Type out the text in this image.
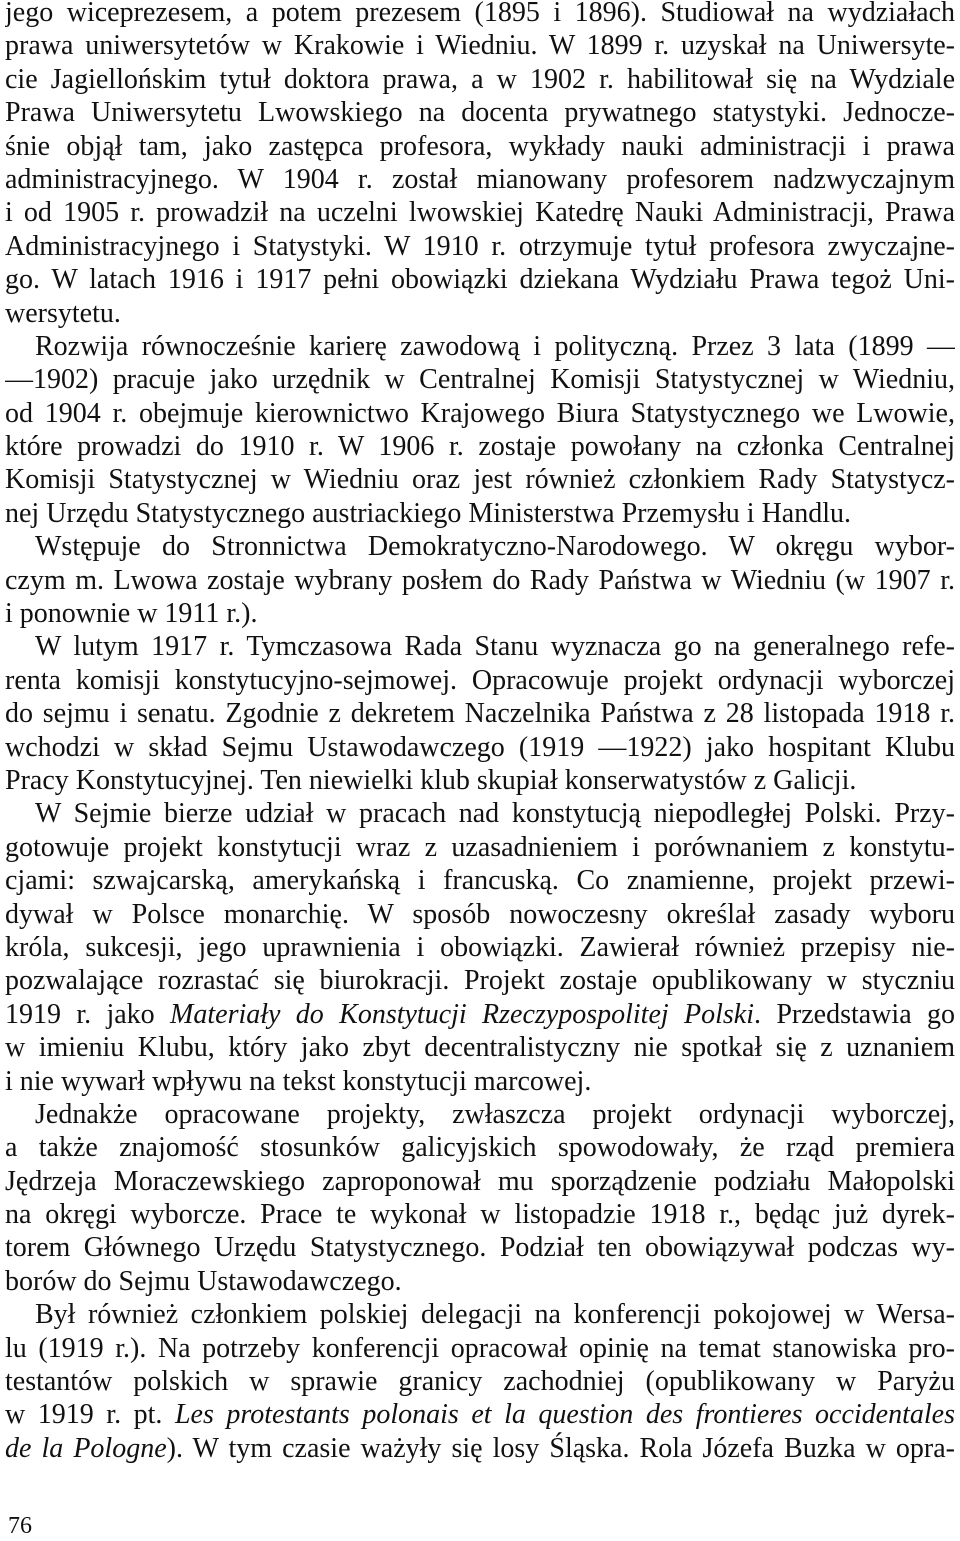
jego wiceprezesem, a potem prezesem (1895 i 1896). Studiował na wydziałach
prawa uniwersytetów w Krakowie i Wiedniu. W 1899 r. uzyskał na Uniwersyte-
cie Jagiellońskim tytuł doktora prawa, a w 1902 r. habilitował się na Wydziale
Prawa Uniwersytetu Lwowskiego na docenta prywatnego statystyki. Jednocze-
śnie objął tam, jako zastępca profesora, wykłady nauki administracji i prawa
administracyjnego. W 1904 r. został mianowany profesorem nadzwyczajnym
i od 1905 r. prowadził na uczelni lwowskiej Katedrę Nauki Administracji, Prawa
Administracyjnego i Statystyki. W 1910 r. otrzymuje tytuł profesora zwyczajne-
go. W latach 1916 i 1917 pełni obowiązki dziekana Wydziału Prawa tegoż Uni-
wersytetu.
Rozwija równocześnie karierę zawodową i polityczną. Przez 3 lata (1899 —
—1902) pracuje jako urzędnik w Centralnej Komisji Statystycznej w Wiedniu,
od 1904 r. obejmuje kierownictwo Krajowego Biura Statystycznego we Lwowie,
które prowadzi do 1910 r. W 1906 r. zostaje powołany na członka Centralnej
Komisji Statystycznej w Wiedniu oraz jest również członkiem Rady Statystycz-
nej Urzędu Statystycznego austriackiego Ministerstwa Przemysłu i Handlu.
Wstępuje do Stronnictwa Demokratyczno-Narodowego. W okręgu wybor-
czym m. Lwowa zostaje wybrany posłem do Rady Państwa w Wiedniu (w 1907 r.
i ponownie w 1911 r.).
W lutym 1917 r. Tymczasowa Rada Stanu wyznacza go na generalnego refe-
renta komisji konstytucyjno-sejmowej. Opracowuje projekt ordynacji wyborczej
do sejmu i senatu. Zgodnie z dekretem Naczelnika Państwa z 28 listopada 1918 r.
wchodzi w skład Sejmu Ustawodawczego (1919 —1922) jako hospitant Klubu
Pracy Konstytucyjnej. Ten niewielki klub skupiał konserwatystów z Galicji.
W Sejmie bierze udział w pracach nad konstytucją niepodległej Polski. Przy-
gotowuje projekt konstytucji wraz z uzasadnieniem i porównaniem z konstytu-
cjami: szwajcarską, amerykańską i francuską. Co znamienne, projekt przewi-
dywał w Polsce monarchię. W sposób nowoczesny określał zasady wyboru
króla, sukcesji, jego uprawnienia i obowiązki. Zawierał również przepisy nie-
pozwalające rozrastać się biurokracji. Projekt zostaje opublikowany w styczniu
1919 r. jako Materiały do Konstytucji Rzeczypospolitej Polski. Przedstawia go
w imieniu Klubu, który jako zbyt decentralistyczny nie spotkał się z uznaniem
i nie wywarł wpływu na tekst konstytucji marcowej.
Jednakże opracowane projekty, zwłaszcza projekt ordynacji wyborczej,
a także znajomość stosunków galicyjskich spowodowały, że rząd premiera
Jędrzeja Moraczewskiego zaproponował mu sporządzenie podziału Małopolski
na okręgi wyborcze. Prace te wykonał w listopadzie 1918 r., będąc już dyrek-
torem Głównego Urzędu Statystycznego. Podział ten obowiązywał podczas wy-
borów do Sejmu Ustawodawczego.
Był również członkiem polskiej delegacji na konferencji pokojowej w Wersa-
lu (1919 r.). Na potrzeby konferencji opracował opinię na temat stanowiska pro-
testantów polskich w sprawie granicy zachodniej (opublikowany w Paryżu
w 1919 r. pt. Les protestants polonais et la question des frontieres occidentales
de la Pologne). W tym czasie ważyły się losy Śląska. Rola Józefa Buzka w opra-
76
